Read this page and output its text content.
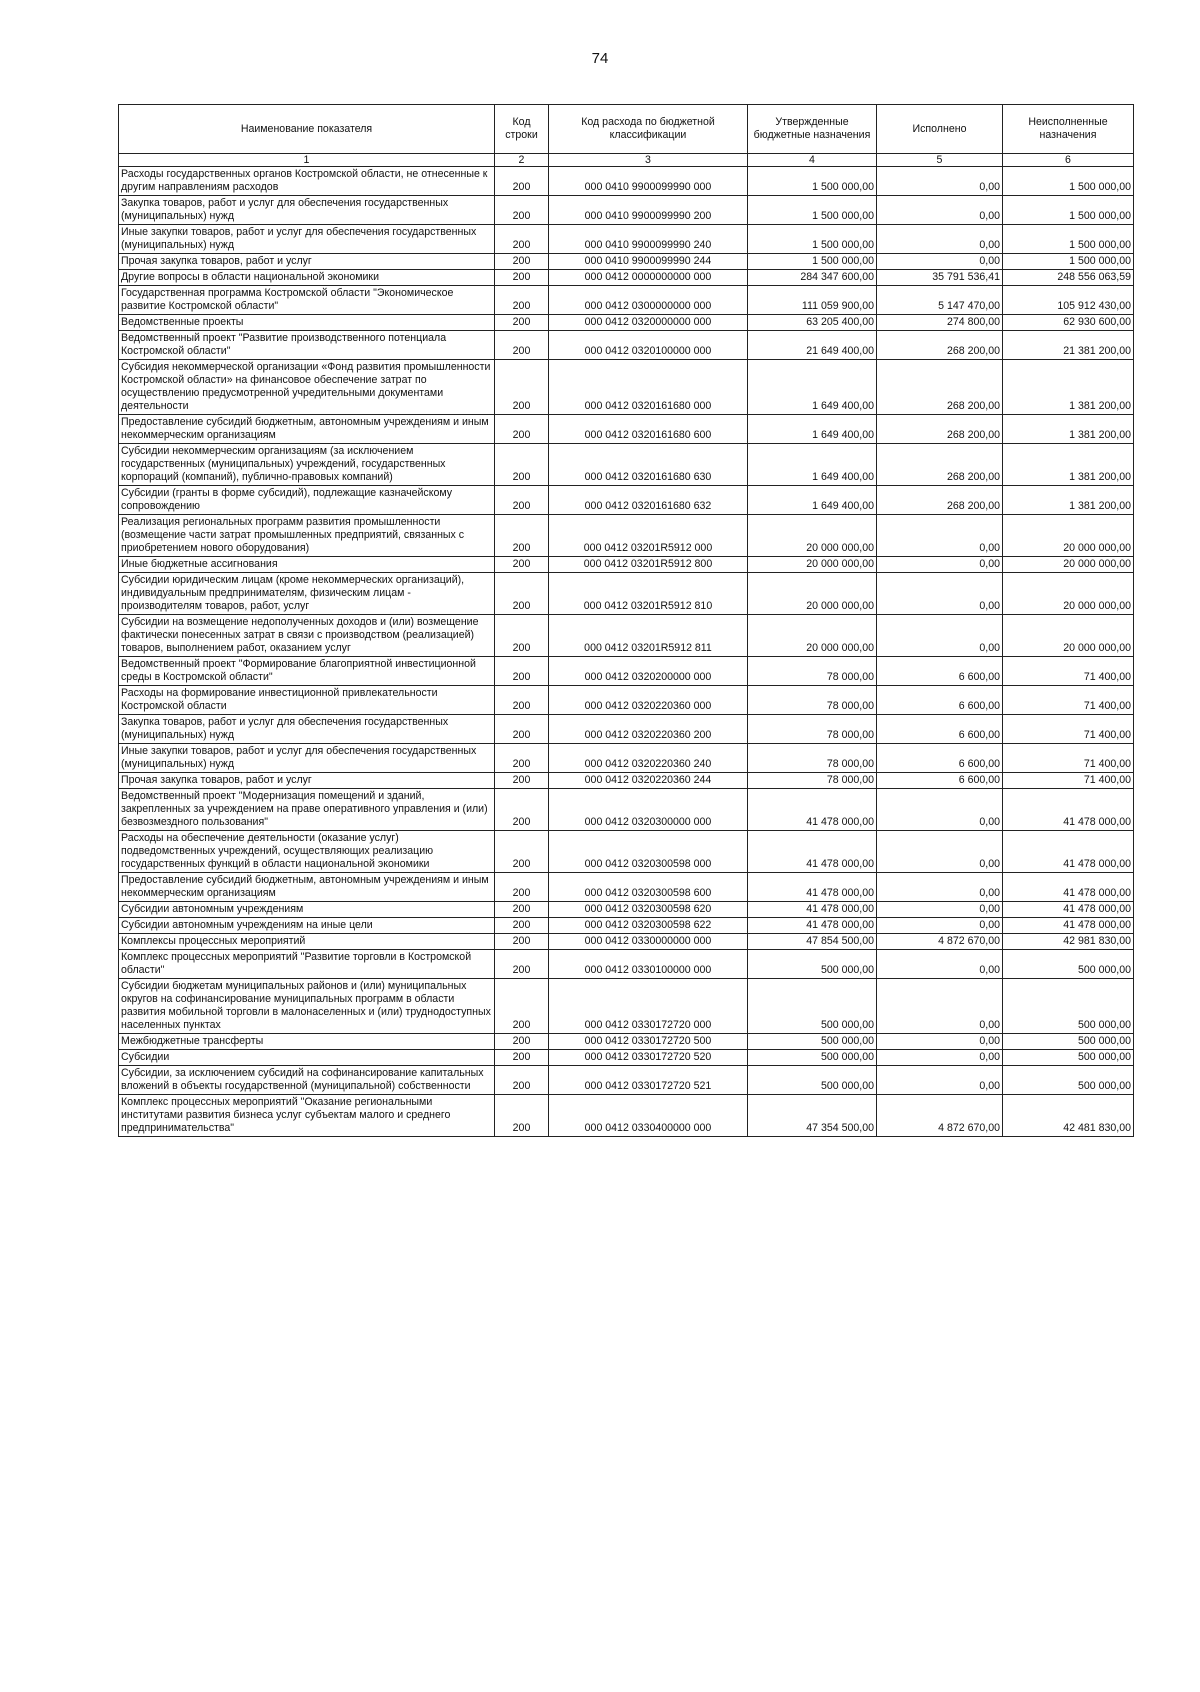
74
Наименование показателя	Код строки	Код расхода по бюджетной классификации	Утвержденные бюджетные назначения	Исполнено	Неисполненные назначения
1	2	3	4	5	6
Расходы государственных органов Костромской области, не отнесенные к другим направлениям расходов	200	000 0410 9900099990 000	1 500 000,00	0,00	1 500 000,00
Закупка товаров, работ и услуг для обеспечения государственных (муниципальных) нужд	200	000 0410 9900099990 200	1 500 000,00	0,00	1 500 000,00
Иные закупки товаров, работ и услуг для обеспечения государственных (муниципальных) нужд	200	000 0410 9900099990 240	1 500 000,00	0,00	1 500 000,00
Прочая закупка товаров, работ и услуг	200	000 0410 9900099990 244	1 500 000,00	0,00	1 500 000,00
Другие вопросы в области национальной экономики	200	000 0412 0000000000 000	284 347 600,00	35 791 536,41	248 556 063,59
Государственная программа Костромской области "Экономическое развитие Костромской области"	200	000 0412 0300000000 000	111 059 900,00	5 147 470,00	105 912 430,00
Ведомственные проекты	200	000 0412 0320000000 000	63 205 400,00	274 800,00	62 930 600,00
Ведомственный проект "Развитие производственного потенциала Костромской области"	200	000 0412 0320100000 000	21 649 400,00	268 200,00	21 381 200,00
Субсидия некоммерческой организации «Фонд развития промышленности Костромской области» на финансовое обеспечение затрат по осуществлению предусмотренной учредительными документами деятельности	200	000 0412 0320161680 000	1 649 400,00	268 200,00	1 381 200,00
Предоставление субсидий бюджетным, автономным учреждениям и иным некоммерческим организациям	200	000 0412 0320161680 600	1 649 400,00	268 200,00	1 381 200,00
Субсидии некоммерческим организациям (за исключением государственных (муниципальных) учреждений, государственных корпораций (компаний), публично-правовых компаний)	200	000 0412 0320161680 630	1 649 400,00	268 200,00	1 381 200,00
Субсидии (гранты в форме субсидий), подлежащие казначейскому сопровождению	200	000 0412 0320161680 632	1 649 400,00	268 200,00	1 381 200,00
Реализация региональных программ развития промышленности (возмещение части затрат промышленных предприятий, связанных с приобретением нового оборудования)	200	000 0412 03201R5912 000	20 000 000,00	0,00	20 000 000,00
Иные бюджетные ассигнования	200	000 0412 03201R5912 800	20 000 000,00	0,00	20 000 000,00
Субсидии юридическим лицам (кроме некоммерческих организаций), индивидуальным предпринимателям, физическим лицам - производителям товаров, работ, услуг	200	000 0412 03201R5912 810	20 000 000,00	0,00	20 000 000,00
Субсидии на возмещение недополученных доходов и (или) возмещение фактически понесенных затрат в связи с производством (реализацией) товаров, выполнением работ, оказанием услуг	200	000 0412 03201R5912 811	20 000 000,00	0,00	20 000 000,00
Ведомственный проект "Формирование благоприятной инвестиционной среды в Костромской области"	200	000 0412 0320200000 000	78 000,00	6 600,00	71 400,00
Расходы на формирование инвестиционной привлекательности Костромской области	200	000 0412 0320220360 000	78 000,00	6 600,00	71 400,00
Закупка товаров, работ и услуг для обеспечения государственных (муниципальных) нужд	200	000 0412 0320220360 200	78 000,00	6 600,00	71 400,00
Иные закупки товаров, работ и услуг для обеспечения государственных (муниципальных) нужд	200	000 0412 0320220360 240	78 000,00	6 600,00	71 400,00
Прочая закупка товаров, работ и услуг	200	000 0412 0320220360 244	78 000,00	6 600,00	71 400,00
Ведомственный проект "Модернизация помещений и зданий, закрепленных за учреждением на праве оперативного управления и (или) безвозмездного пользования"	200	000 0412 0320300000 000	41 478 000,00	0,00	41 478 000,00
Расходы на обеспечение деятельности (оказание услуг) подведомственных учреждений, осуществляющих реализацию государственных функций в области национальной экономики	200	000 0412 0320300598 000	41 478 000,00	0,00	41 478 000,00
Предоставление субсидий бюджетным, автономным учреждениям и иным некоммерческим организациям	200	000 0412 0320300598 600	41 478 000,00	0,00	41 478 000,00
Субсидии автономным учреждениям	200	000 0412 0320300598 620	41 478 000,00	0,00	41 478 000,00
Субсидии автономным учреждениям на иные цели	200	000 0412 0320300598 622	41 478 000,00	0,00	41 478 000,00
Комплексы процессных мероприятий	200	000 0412 0330000000 000	47 854 500,00	4 872 670,00	42 981 830,00
Комплекс процессных мероприятий "Развитие торговли в Костромской области"	200	000 0412 0330100000 000	500 000,00	0,00	500 000,00
Субсидии бюджетам муниципальных районов и (или) муниципальных округов на софинансирование муниципальных программ в области развития мобильной торговли в малонаселенных и (или) труднодоступных населенных пунктах	200	000 0412 0330172720 000	500 000,00	0,00	500 000,00
Межбюджетные трансферты	200	000 0412 0330172720 500	500 000,00	0,00	500 000,00
Субсидии	200	000 0412 0330172720 520	500 000,00	0,00	500 000,00
Субсидии, за исключением субсидий на софинансирование капитальных вложений в объекты государственной (муниципальной) собственности	200	000 0412 0330172720 521	500 000,00	0,00	500 000,00
Комплекс процессных мероприятий "Оказание региональными институтами развития бизнеса услуг субъектам малого и среднего предпринимательства"	200	000 0412 0330400000 000	47 354 500,00	4 872 670,00	42 481 830,00
